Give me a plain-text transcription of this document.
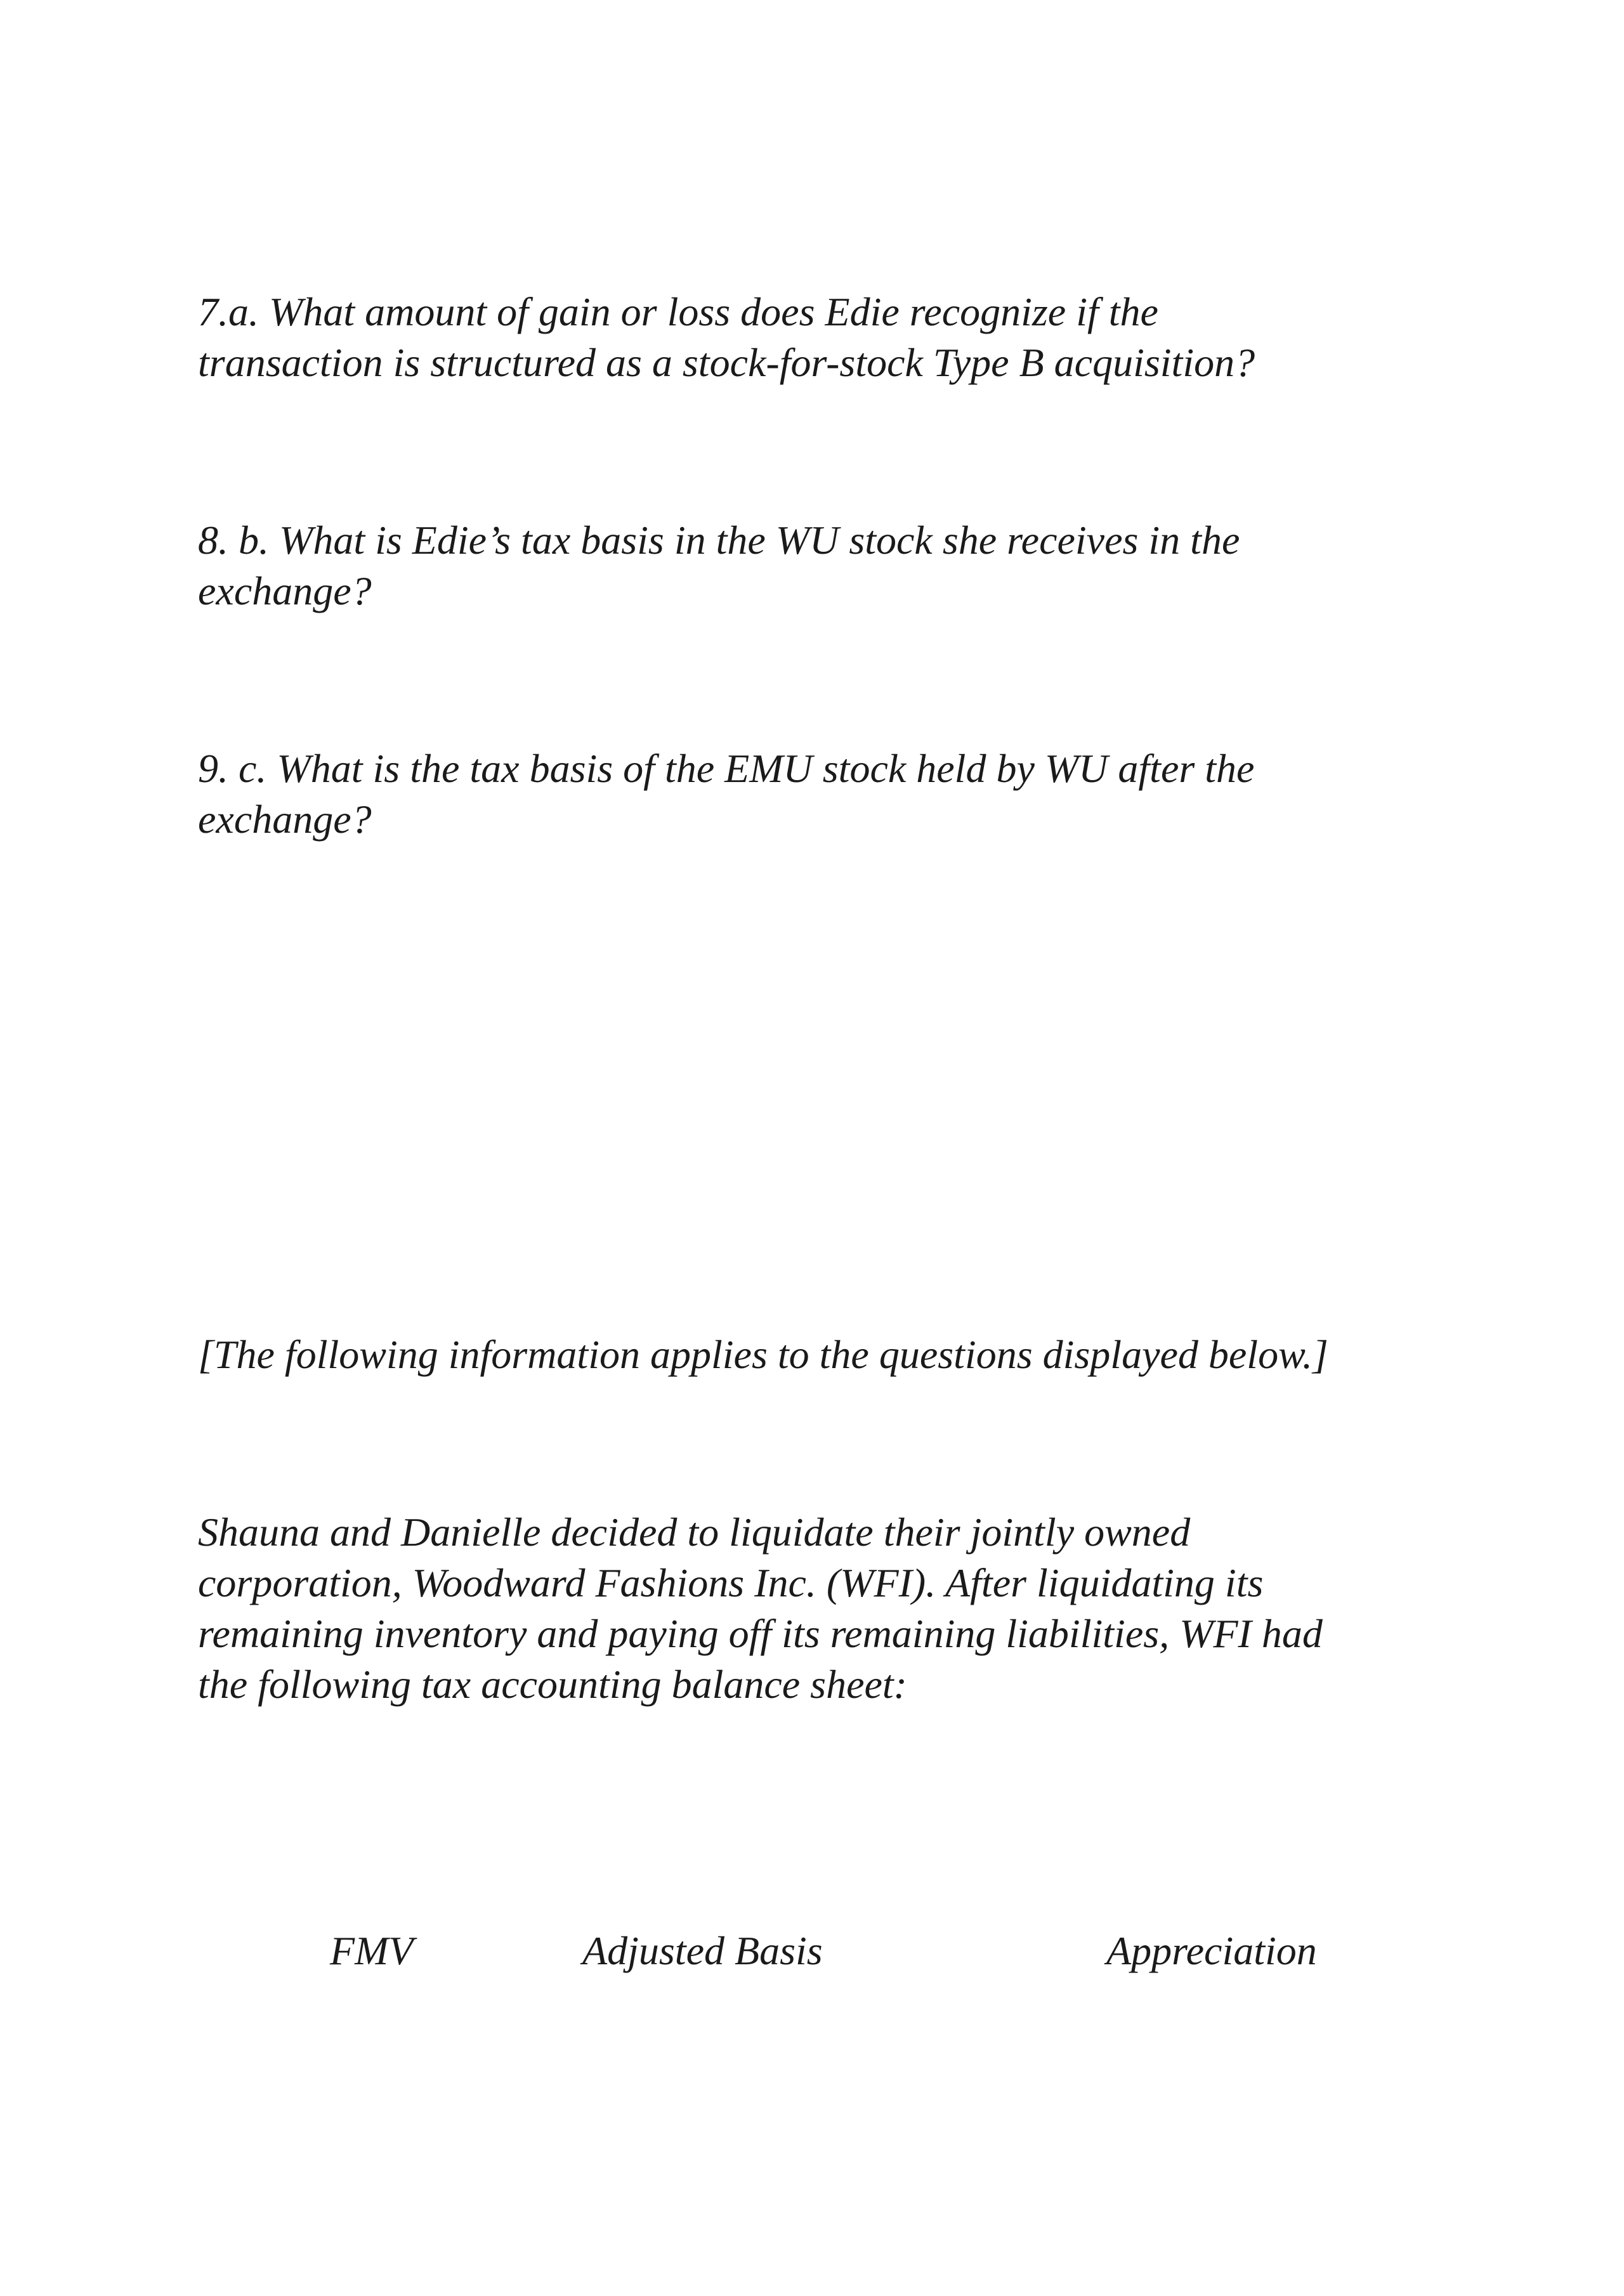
7.a. What amount of gain or loss does Edie recognize if the
transaction is structured as a stock-for-stock Type B acquisition?
8. b. What is Edie’s tax basis in the WU stock she receives in the
exchange?
9. c. What is the tax basis of the EMU stock held by WU after the
exchange?
[The following information applies to the questions displayed below.]
Shauna and Danielle decided to liquidate their jointly owned
corporation, Woodward Fashions Inc. (WFI). After liquidating its
remaining inventory and paying off its remaining liabilities, WFI had
the following tax accounting balance sheet:
FMV	Adjusted Basis	Appreciation
